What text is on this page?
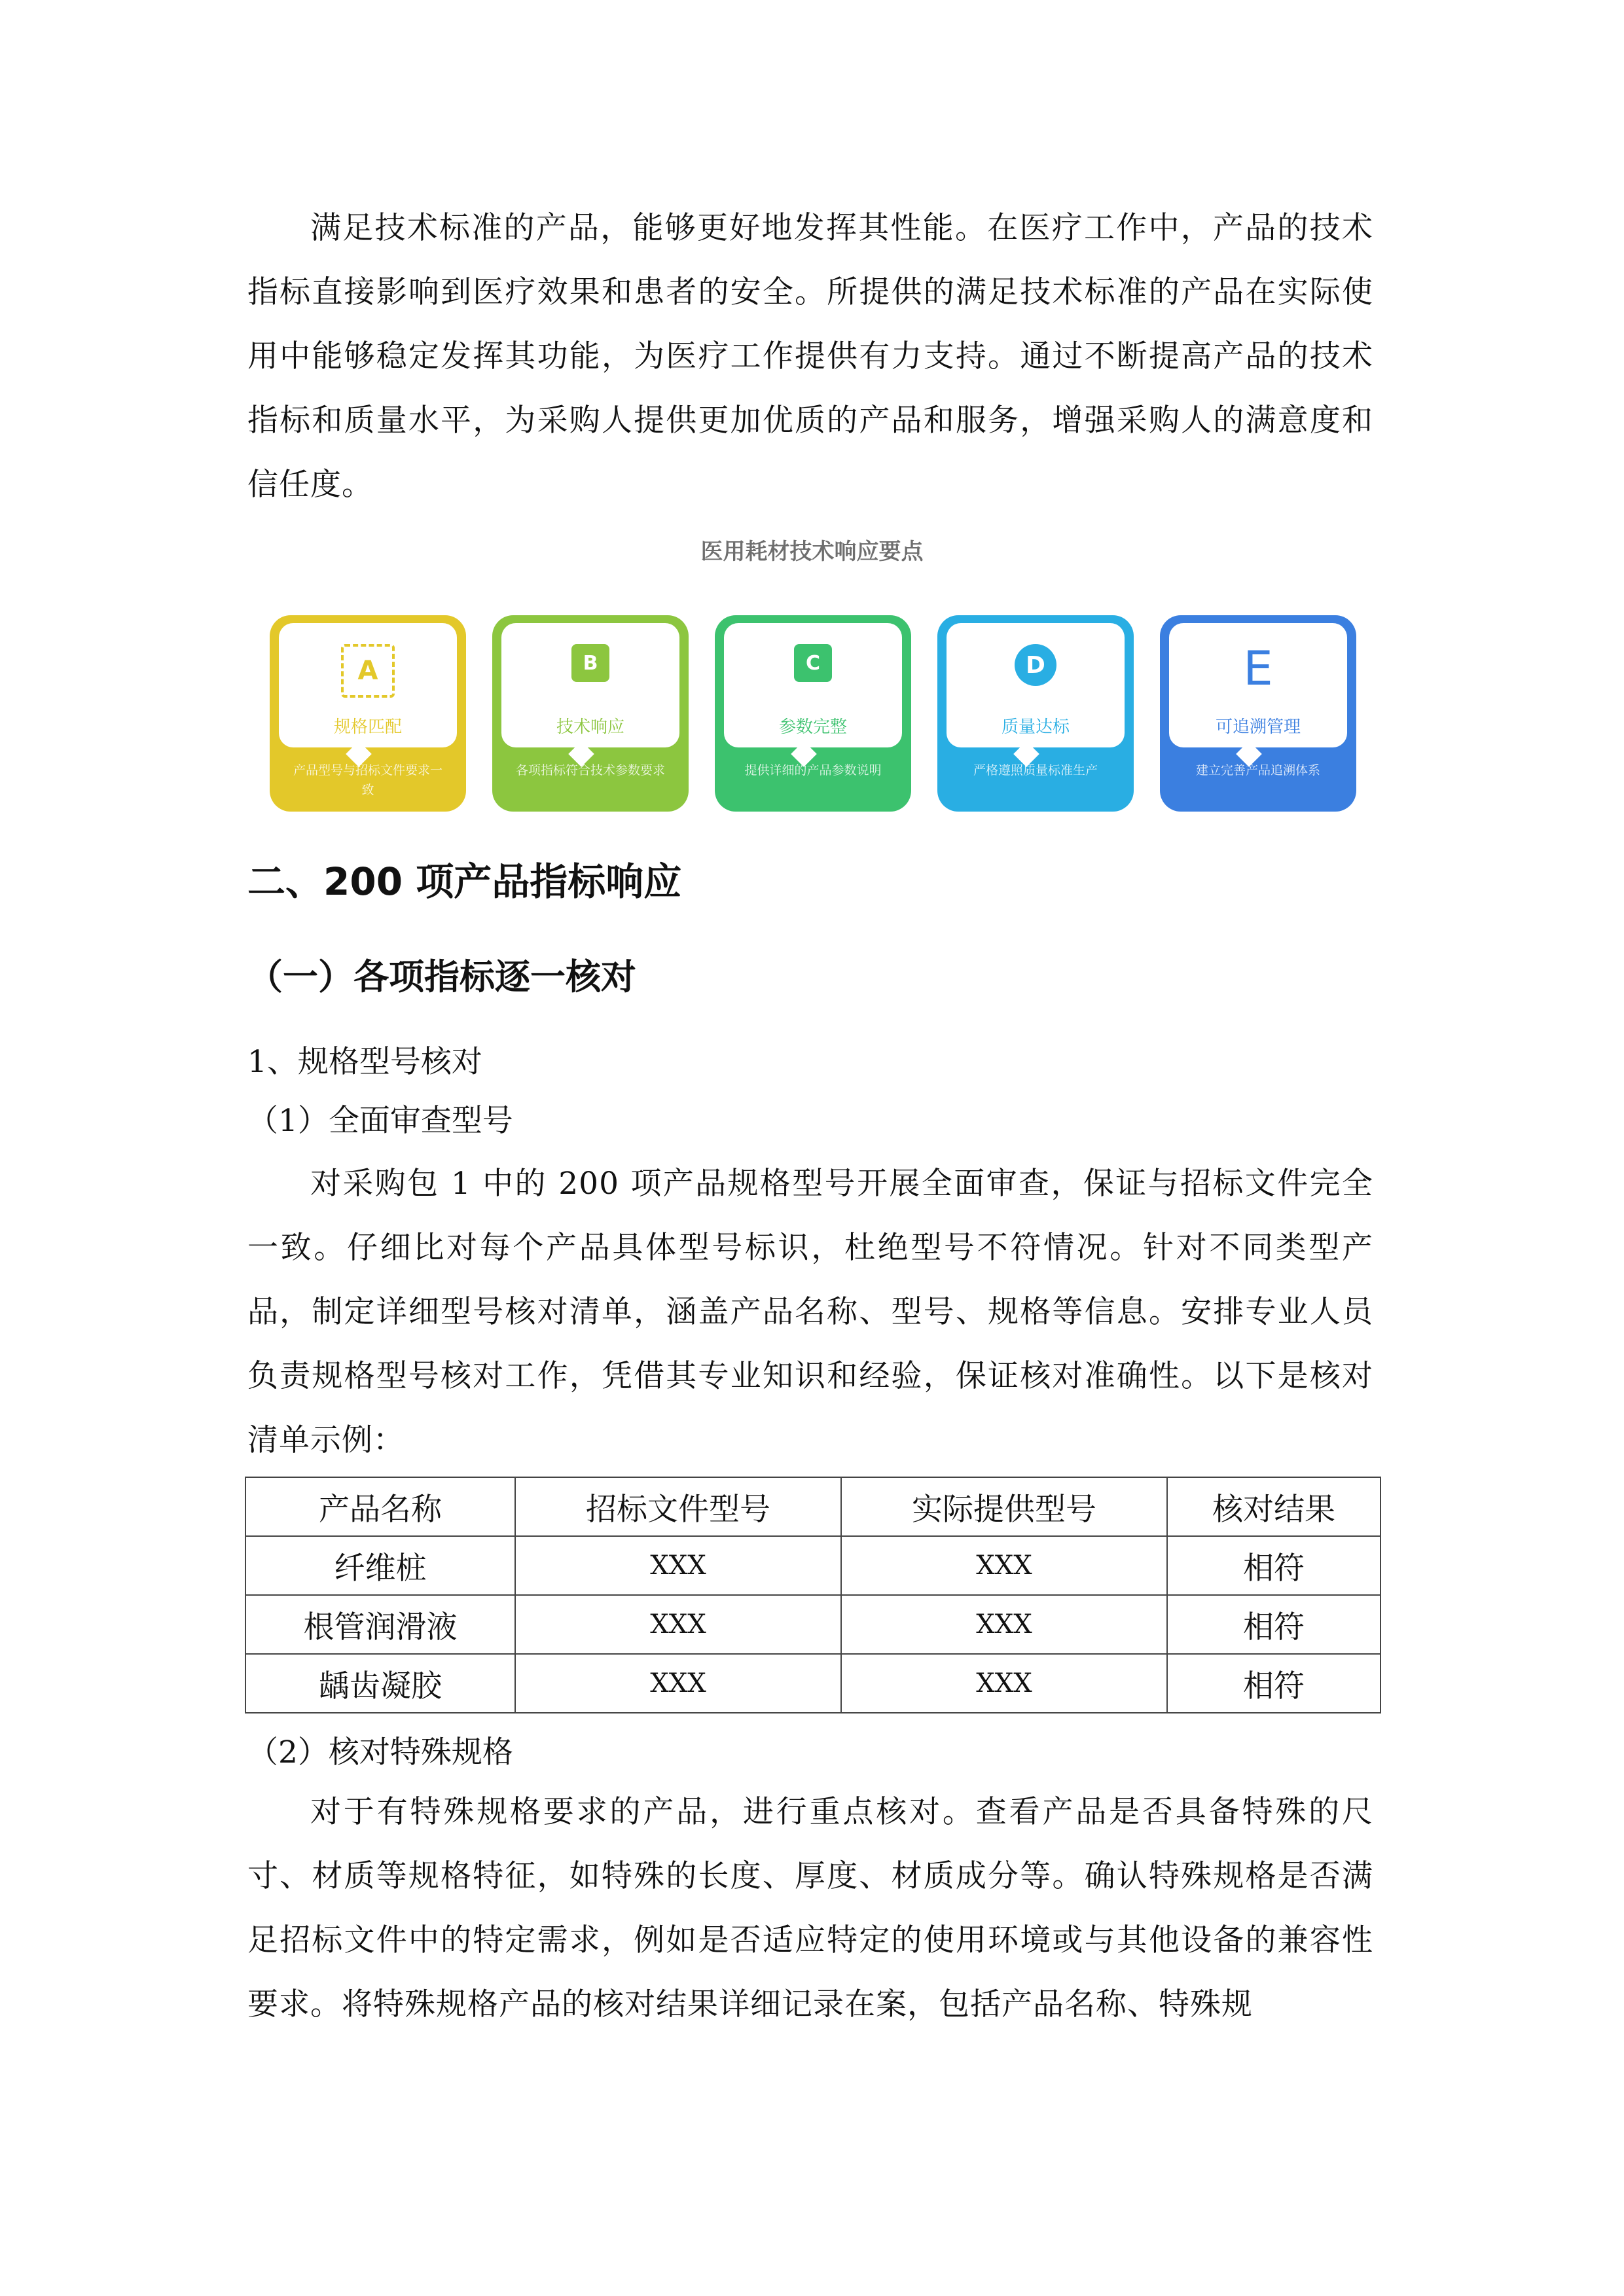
满足技术标准的产品，能够更好地发挥其性能。在医疗工作中，产品的技术指标直接影响到医疗效果和患者的安全。所提供的满足技术标准的产品在实际使用中能够稳定发挥其功能，为医疗工作提供有力支持。通过不断提高产品的技术指标和质量水平，为采购人提供更加优质的产品和服务，增强采购人的满意度和信任度。

医用耗材技术响应要点
A
规格匹配
产品型号与招标文件要求一致
B
技术响应
各项指标符合技术参数要求
C
参数完整
提供详细的产品参数说明
D
质量达标
严格遵照质量标准生产
E
可追溯管理
建立完善产品追溯体系
二、200 项产品指标响应
（一）各项指标逐一核对
1、规格型号核对
（1）全面审查型号

对采购包 1 中的 200 项产品规格型号开展全面审查，保证与招标文件完全一致。仔细比对每个产品具体型号标识，杜绝型号不符情况。针对不同类型产品，制定详细型号核对清单，涵盖产品名称、型号、规格等信息。安排专业人员负责规格型号核对工作，凭借其专业知识和经验，保证核对准确性。以下是核对清单示例：

产品名称	招标文件型号	实际提供型号	核对结果
纤维桩	XXX	XXX	相符
根管润滑液	XXX	XXX	相符
龋齿凝胶	XXX	XXX	相符
（2）核对特殊规格

对于有特殊规格要求的产品，进行重点核对。查看产品是否具备特殊的尺寸、材质等规格特征，如特殊的长度、厚度、材质成分等。确认特殊规格是否满足招标文件中的特定需求，例如是否适应特定的使用环境或与其他设备的兼容性要求。将特殊规格产品的核对结果详细记录在案，包括产品名称、特殊规
